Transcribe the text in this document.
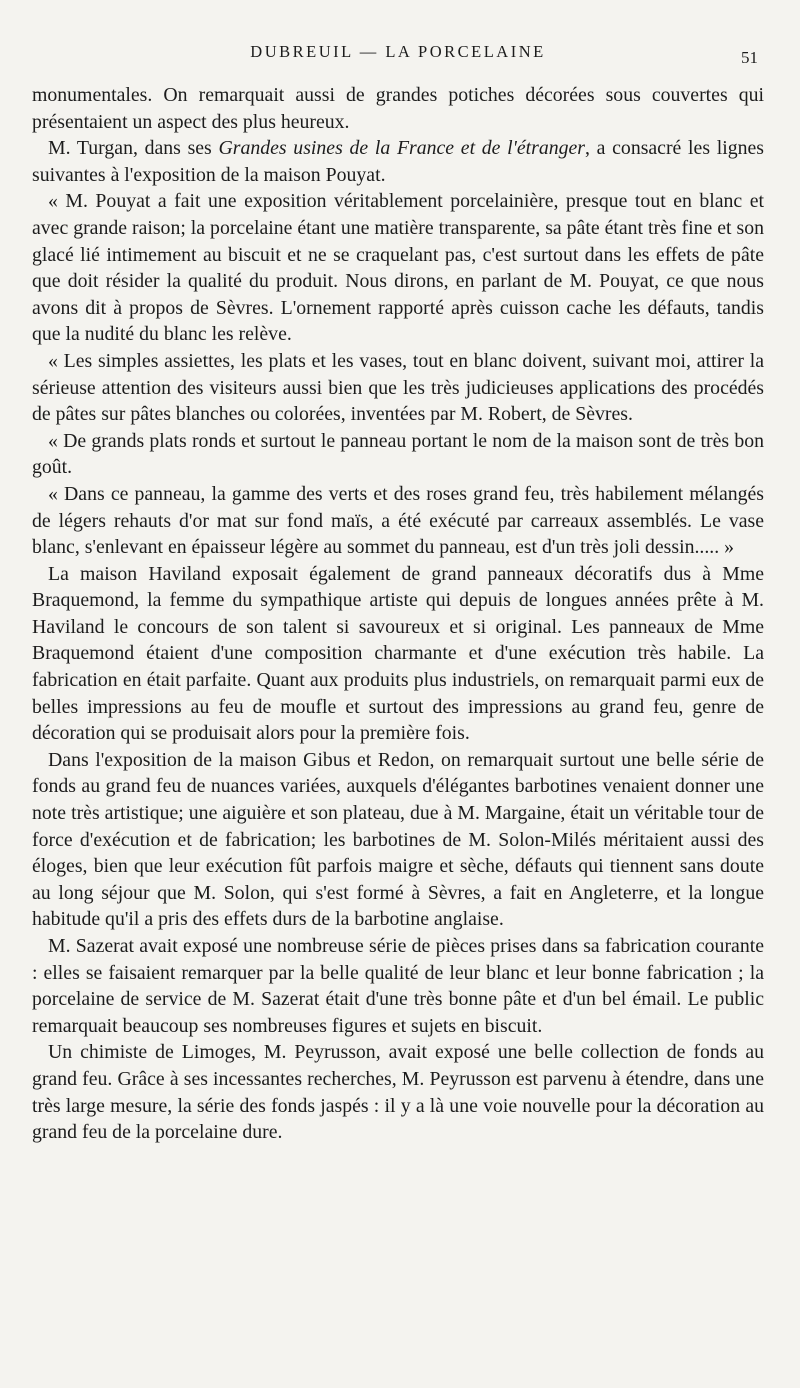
DUBREUIL — LA PORCELAINE	51

monumentales. On remarquait aussi de grandes potiches décorées sous couvertes qui présentaient un aspect des plus heureux.

M. Turgan, dans ses Grandes usines de la France et de l'étranger, a consacré les lignes suivantes à l'exposition de la maison Pouyat.

« M. Pouyat a fait une exposition véritablement porcelainière, presque tout en blanc et avec grande raison; la porcelaine étant une matière transparente, sa pâte étant très fine et son glacé lié intimement au biscuit et ne se craquelant pas, c'est surtout dans les effets de pâte que doit résider la qualité du produit. Nous dirons, en parlant de M. Pouyat, ce que nous avons dit à propos de Sèvres. L'ornement rapporté après cuisson cache les défauts, tandis que la nudité du blanc les relève.

« Les simples assiettes, les plats et les vases, tout en blanc doivent, suivant moi, attirer la sérieuse attention des visiteurs aussi bien que les très judicieuses applications des procédés de pâtes sur pâtes blanches ou colorées, inventées par M. Robert, de Sèvres.

« De grands plats ronds et surtout le panneau portant le nom de la maison sont de très bon goût.

« Dans ce panneau, la gamme des verts et des roses grand feu, très habilement mélangés de légers rehauts d'or mat sur fond maïs, a été exécuté par carreaux assemblés. Le vase blanc, s'enlevant en épaisseur légère au sommet du panneau, est d'un très joli dessin..... »

La maison Haviland exposait également de grand panneaux décoratifs dus à Mme Braquemond, la femme du sympathique artiste qui depuis de longues années prête à M. Haviland le concours de son talent si savoureux et si original. Les panneaux de Mme Braquemond étaient d'une composition charmante et d'une exécution très habile. La fabrication en était parfaite. Quant aux produits plus industriels, on remarquait parmi eux de belles impressions au feu de moufle et surtout des impressions au grand feu, genre de décoration qui se produisait alors pour la première fois.

Dans l'exposition de la maison Gibus et Redon, on remarquait surtout une belle série de fonds au grand feu de nuances variées, auxquels d'élégantes barbotines venaient donner une note très artistique; une aiguière et son plateau, due à M. Margaine, était un véritable tour de force d'exécution et de fabrication; les barbotines de M. Solon-Milés méritaient aussi des éloges, bien que leur exécution fût parfois maigre et sèche, défauts qui tiennent sans doute au long séjour que M. Solon, qui s'est formé à Sèvres, a fait en Angleterre, et la longue habitude qu'il a pris des effets durs de la barbotine anglaise.

M. Sazerat avait exposé une nombreuse série de pièces prises dans sa fabrication courante : elles se faisaient remarquer par la belle qualité de leur blanc et leur bonne fabrication ; la porcelaine de service de M. Sazerat était d'une très bonne pâte et d'un bel émail. Le public remarquait beaucoup ses nombreuses figures et sujets en biscuit.

Un chimiste de Limoges, M. Peyrusson, avait exposé une belle collection de fonds au grand feu. Grâce à ses incessantes recherches, M. Peyrusson est parvenu à étendre, dans une très large mesure, la série des fonds jaspés : il y a là une voie nouvelle pour la décoration au grand feu de la porcelaine dure.
